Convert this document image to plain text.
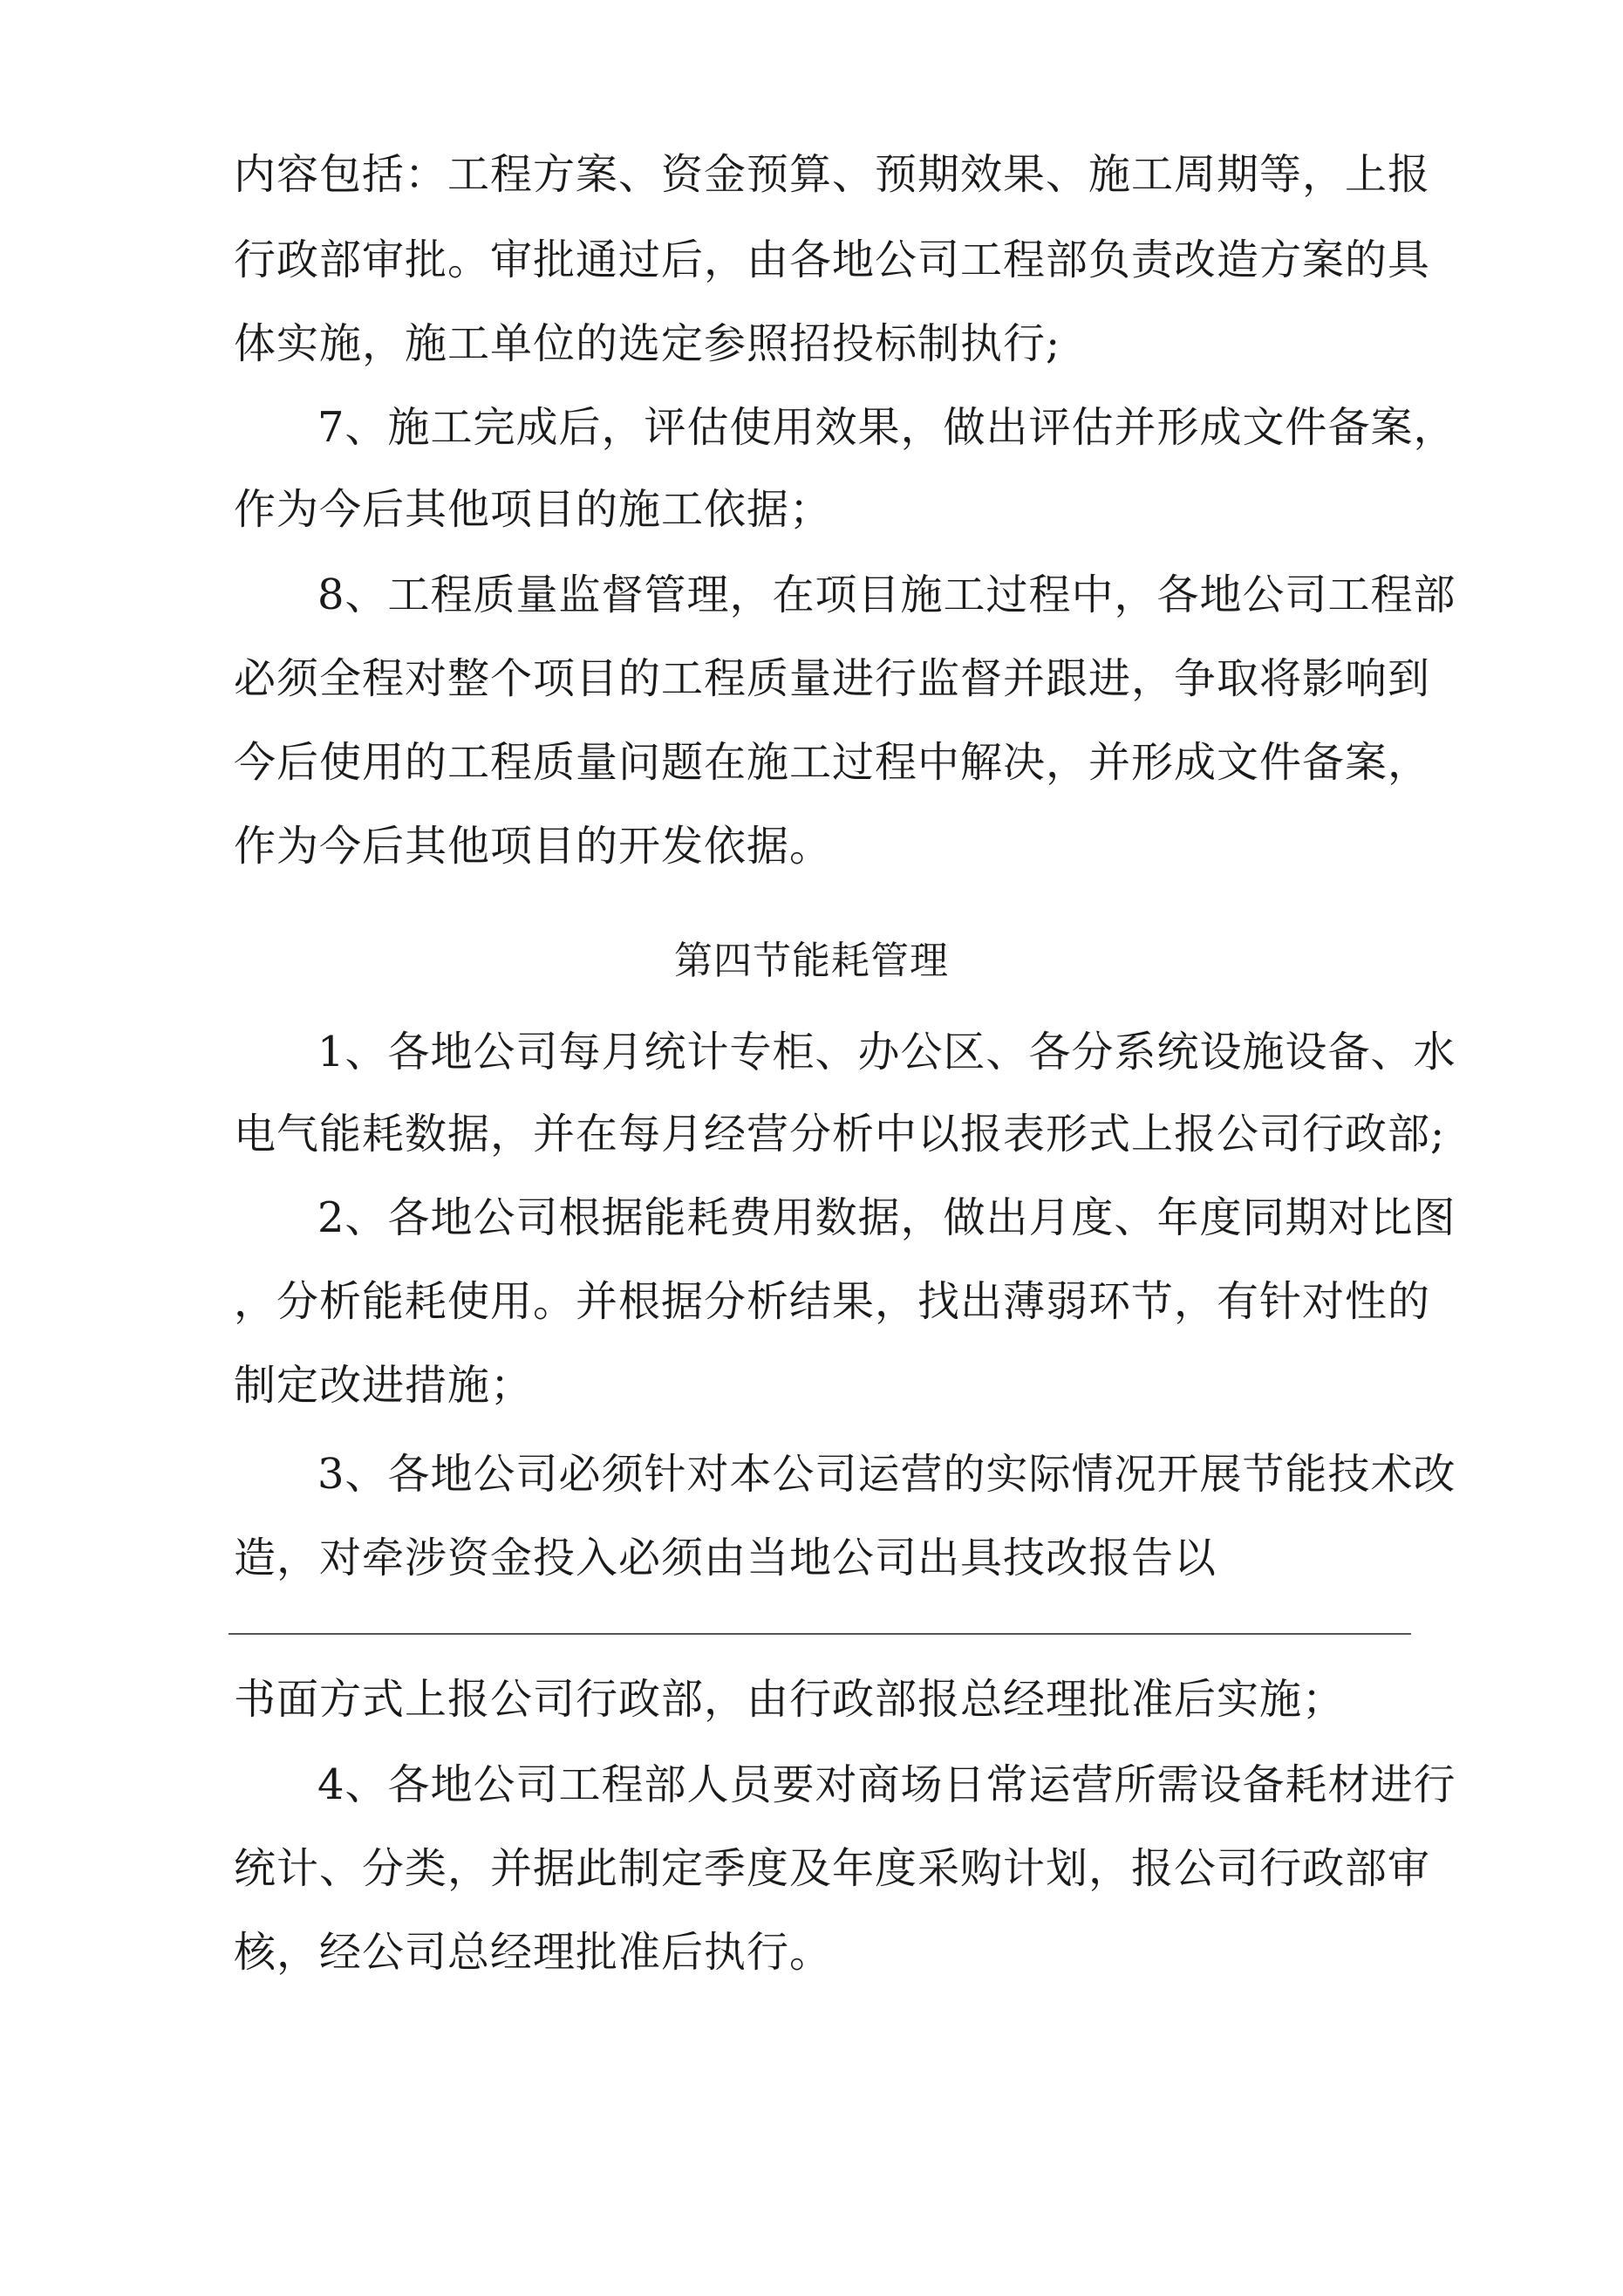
内容包括：工程方案、资金预算、预期效果、施工周期等，上报
行政部审批。审批通过后，由各地公司工程部负责改造方案的具
体实施，施工单位的选定参照招投标制执行;
7、施工完成后，评估使用效果，做出评估并形成文件备案，
作为今后其他项目的施工依据；
8、工程质量监督管理，在项目施工过程中，各地公司工程部
必须全程对整个项目的工程质量进行监督并跟进，争取将影响到
今后使用的工程质量问题在施工过程中解决，并形成文件备案，
作为今后其他项目的开发依据。
第四节能耗管理
1、各地公司每月统计专柜、办公区、各分系统设施设备、水
电气能耗数据，并在每月经营分析中以报表形式上报公司行政部;
2、各地公司根据能耗费用数据，做出月度、年度同期对比图
，分析能耗使用。并根据分析结果，找出薄弱环节，有针对性的
制定改进措施；
3、各地公司必须针对本公司运营的实际情况开展节能技术改
造，对牵涉资金投入必须由当地公司出具技改报告以
书面方式上报公司行政部，由行政部报总经理批准后实施；
4、各地公司工程部人员要对商场日常运营所需设备耗材进行
统计、分类，并据此制定季度及年度采购计划，报公司行政部审
核，经公司总经理批准后执行。
